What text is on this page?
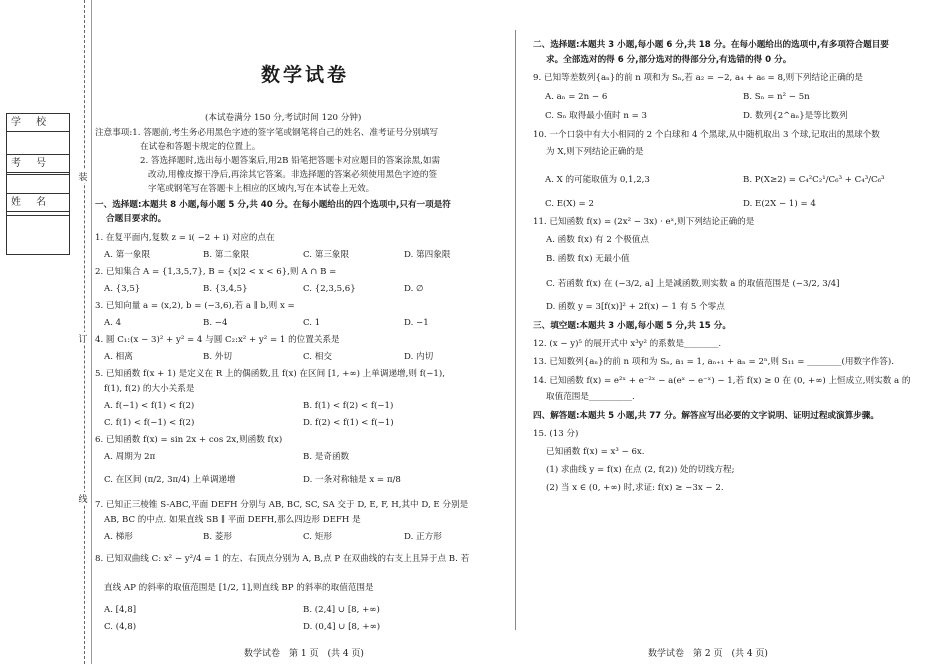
装
订
线
学 校
考 号
姓 名
数学试卷
(本试卷满分 150 分,考试时间 120 分钟)
注意事项:1. 答题前,考生务必用黑色字迹的签字笔或钢笔将自己的姓名、准考证号分别填写
在试卷和答题卡规定的位置上。
2. 答选择题时,选出每小题答案后,用2B 铅笔把答题卡对应题目的答案涂黑,如需
改动,用橡皮擦干净后,再涂其它答案。非选择题的答案必须使用黑色字迹的签
字笔或钢笔写在答题卡上相应的区域内,写在本试卷上无效。
一、选择题:本题共 8 小题,每小题 5 分,共 40 分。在每小题给出的四个选项中,只有一项是符
合题目要求的。
1. 在复平面内,复数 z = i( −2 + i) 对应的点在
A. 第一象限	B. 第二象限	C. 第三象限	D. 第四象限
2. 已知集合 A = {1,3,5,7}, B = {x|2 < x < 6},则 A ∩ B =
A. {3,5}	B. {3,4,5}	C. {2,3,5,6}	D. ∅
3. 已知向量 a = (x,2), b = (−3,6),若 a ∥ b,则 x =
A. 4	B. −4	C. 1	D. −1
4. 圆 C₁:(x − 3)² + y² = 4 与圆 C₂:x² + y² = 1 的位置关系是
A. 相离	B. 外切	C. 相交	D. 内切
5. 已知函数 f(x + 1) 是定义在 R 上的偶函数,且 f(x) 在区间 [1, +∞) 上单调递增,则 f(−1),
f(1), f(2) 的大小关系是
A. f(−1) < f(1) < f(2)	B. f(1) < f(2) < f(−1)
C. f(1) < f(−1) < f(2)	D. f(2) < f(1) < f(−1)
6. 已知函数 f(x) = sin 2x + cos 2x,则函数 f(x)
A. 周期为 2π	B. 是奇函数
C. 在区间 (π/2, 3π/4) 上单调递增	D. 一条对称轴是 x = π/8
7. 已知正三棱锥 S-ABC,平面 DEFH 分别与 AB, BC, SC, SA 交于 D, E, F, H,其中 D, E 分别是
AB, BC 的中点. 如果直线 SB ∥ 平面 DEFH,那么四边形 DEFH 是
A. 梯形	B. 菱形	C. 矩形	D. 正方形
8. 已知双曲线 C: x² − y²/4 = 1 的左、右顶点分别为 A, B,点 P 在双曲线的右支上且异于点 B. 若
直线 AP 的斜率的取值范围是 [1/2, 1],则直线 BP 的斜率的取值范围是
A. [4,8]	B. (2,4] ∪ [8, +∞)
C. (4,8)	D. (0,4] ∪ [8, +∞)
数学试卷　第 1 页　(共 4 页)
二、选择题:本题共 3 小题,每小题 6 分,共 18 分。在每小题给出的选项中,有多项符合题目要
求。全部选对的得 6 分,部分选对的得部分分,有选错的得 0 分。
9. 已知等差数列{aₙ}的前 n 项和为 Sₙ,若 a₂ = −2, a₄ + a₆ = 8,则下列结论正确的是
A. aₙ = 2n − 6	B. Sₙ = n² − 5n
C. Sₙ 取得最小值时 n = 3	D. 数列{2^aₙ}是等比数列
10. 一个口袋中有大小相同的 2 个白球和 4 个黑球,从中随机取出 3 个球,记取出的黑球个数
为 X,则下列结论正确的是
A. X 的可能取值为 0,1,2,3	B. P(X≥2) = C₄²C₂¹/C₆³ + C₄³/C₆³
C. E(X) = 2	D. E(2X − 1) = 4
11. 已知函数 f(x) = (2x² − 3x) · eˣ,则下列结论正确的是
A. 函数 f(x) 有 2 个极值点
B. 函数 f(x) 无最小值
C. 若函数 f(x) 在 (−3/2, a] 上是减函数,则实数 a 的取值范围是 (−3/2, 3/4]
D. 函数 y = 3[f(x)]² + 2f(x) − 1 有 5 个零点
三、填空题:本题共 3 小题,每小题 5 分,共 15 分。
12. (x − y)⁵ 的展开式中 x³y² 的系数是________.
13. 已知数列{aₙ}的前 n 项和为 Sₙ, a₁ = 1, aₙ₊₁ + aₙ = 2ⁿ,则 S₁₁ = ________(用数字作答).
14. 已知函数 f(x) = e²ˣ + e⁻²ˣ − a(eˣ − e⁻ˣ) − 1,若 f(x) ≥ 0 在 (0, +∞) 上恒成立,则实数 a 的
取值范围是__________.
四、解答题:本题共 5 小题,共 77 分。解答应写出必要的文字说明、证明过程或演算步骤。
15. (13 分)
已知函数 f(x) = x³ − 6x.
(1) 求曲线 y = f(x) 在点 (2, f(2)) 处的切线方程;
(2) 当 x ∈ (0, +∞) 时,求证: f(x) ≥ −3x − 2.
数学试卷　第 2 页　(共 4 页)
